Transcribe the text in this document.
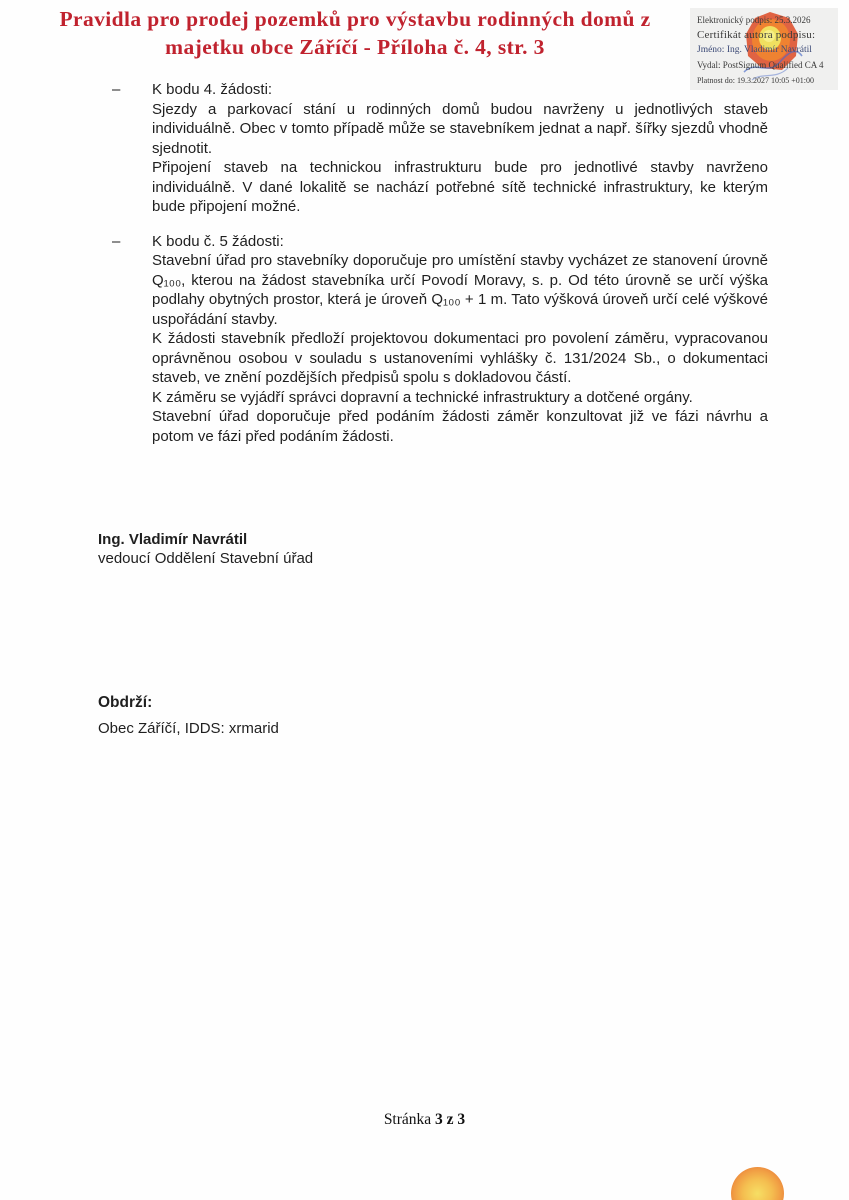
Pravidla pro prodej pozemků pro výstavbu rodinných domů z
majetku obce Záříčí - Příloha č. 4, str. 3
Elektronický podpis: 25.3.2026
Certifikát autora podpisu:
Jméno: Ing. Vladimír Navrátil
Vydal: PostSignum Qualified CA 4
Platnost do: 19.3.2027 10:05 +01:00
–	K bodu 4. žádosti:

Sjezdy a parkovací stání u rodinných domů budou navrženy u jednotlivých staveb individuálně. Obec v tomto případě může se stavebníkem jednat a např. šířky sjezdů vhodně sjednotit.

Připojení staveb na technickou infrastrukturu bude pro jednotlivé stavby navrženo individuálně. V dané lokalitě se nachází potřebné sítě technické infrastruktury, ke kterým bude připojení možné.

–	K bodu č. 5 žádosti:

Stavební úřad pro stavebníky doporučuje pro umístění stavby vycházet ze stanovení úrovně Q₁₀₀, kterou na žádost stavebníka určí Povodí Moravy, s. p. Od této úrovně se určí výška podlahy obytných prostor, která je úroveň Q₁₀₀ + 1 m. Tato výšková úroveň určí celé výškové uspořádání stavby.

K žádosti stavebník předloží projektovou dokumentaci pro povolení záměru, vypracovanou oprávněnou osobou v souladu s ustanoveními vyhlášky č. 131/2024 Sb., o dokumentaci staveb, ve znění pozdějších předpisů spolu s dokladovou částí.

K záměru se vyjádří správci dopravní a technické infrastruktury a dotčené orgány.

Stavební úřad doporučuje před podáním žádosti záměr konzultovat již ve fázi návrhu a potom ve fázi před podáním žádosti.

Ing. Vladimír Navrátil
vedoucí Oddělení Stavební úřad
Obdrží:
Obec Záříčí, IDDS: xrmarid
Stránka 3 z 3
